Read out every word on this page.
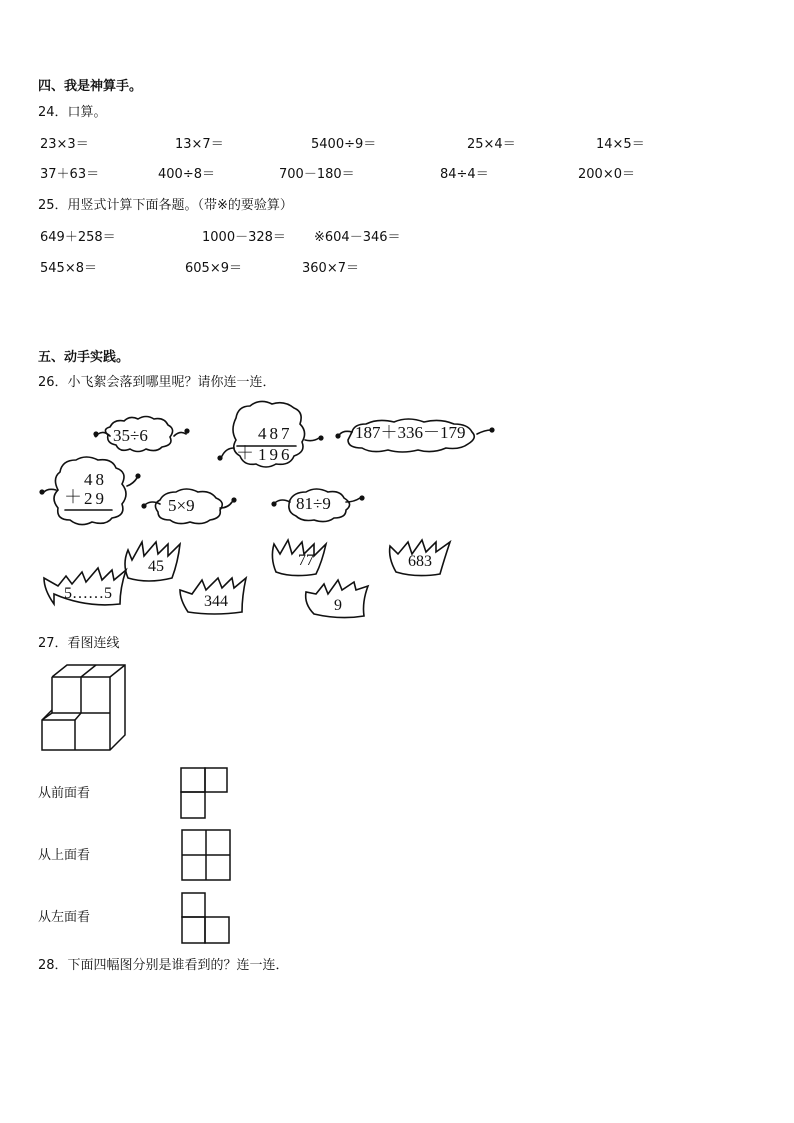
四、我是神算手。
24．口算。
23×3＝	13×7＝	5400÷9＝	25×4＝	14×5＝
37＋63＝	400÷8＝	700－180＝	84÷4＝	200×0＝
25．用竖式计算下面各题。（带※的要验算）
649＋258＝	1000－328＝ ※604－346＝
545×8＝	605×9＝	360×7＝
五、动手实践。
26．小飞絮会落到哪里呢？请你连一连．
35÷6	487
＋ 196
187＋336－179
48
＋ 29	5×9	81÷9
45	77	683
5……5	344	9
27．看图连线
从前面看
从上面看
从左面看
28．下面四幅图分别是谁看到的？连一连．
